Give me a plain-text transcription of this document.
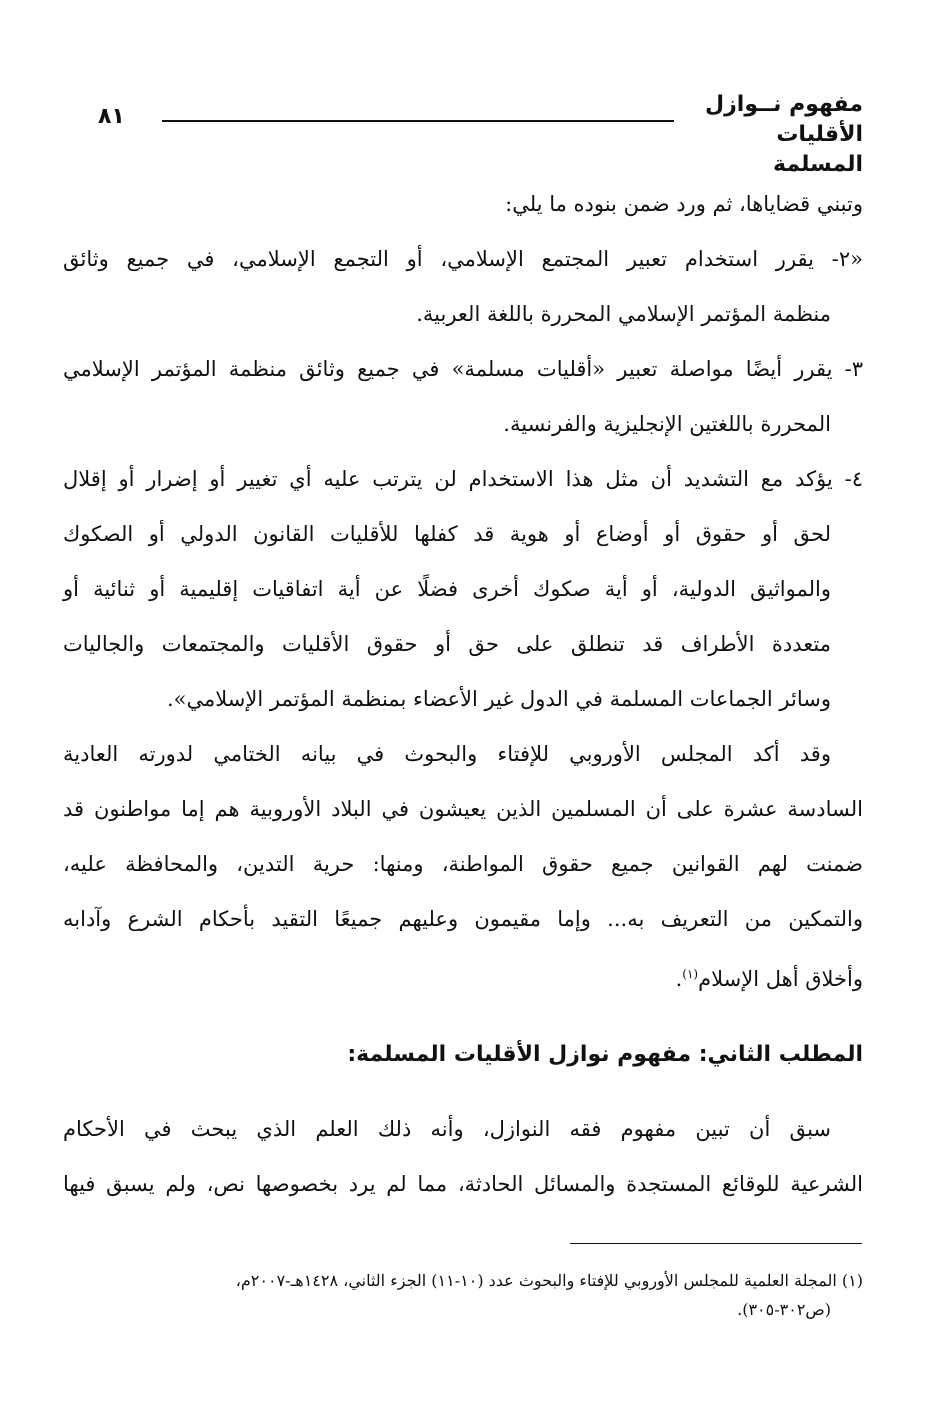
مفهوم نــوازل
الأقليات المسلمة
٨١
وتبني قضاياها، ثم ورد ضمن بنوده ما يلي:
«٢- يقرر استخدام تعبير المجتمع الإسلامي، أو التجمع الإسلامي، في جميع وثائق
منظمة المؤتمر الإسلامي المحررة باللغة العربية.
٣- يقرر أيضًا مواصلة تعبير «أقليات مسلمة» في جميع وثائق منظمة المؤتمر الإسلامي
المحررة باللغتين الإنجليزية والفرنسية.
٤- يؤكد مع التشديد أن مثل هذا الاستخدام لن يترتب عليه أي تغيير أو إضرار أو إقلال
لحق أو حقوق أو أوضاع أو هوية قد كفلها للأقليات القانون الدولي أو الصكوك
والمواثيق الدولية، أو أية صكوك أخرى فضلًا عن أية اتفاقيات إقليمية أو ثنائية أو
متعددة الأطراف قد تنطلق على حق أو حقوق الأقليات والمجتمعات والجاليات
وسائر الجماعات المسلمة في الدول غير الأعضاء بمنظمة المؤتمر الإسلامي».
وقد أكد المجلس الأوروبي للإفتاء والبحوث في بيانه الختامي لدورته العادية
السادسة عشرة على أن المسلمين الذين يعيشون في البلاد الأوروبية هم إما مواطنون قد
ضمنت لهم القوانين جميع حقوق المواطنة، ومنها: حرية التدين، والمحافظة عليه،
والتمكين من التعريف به... وإما مقيمون وعليهم جميعًا التقيد بأحكام الشرع وآدابه
وأخلاق أهل الإسلام$^{(١)}$.
المطلب الثاني: مفهوم نوازل الأقليات المسلمة:
سبق أن تبين مفهوم فقه النوازل، وأنه ذلك العلم الذي يبحث في الأحكام
الشرعية للوقائع المستجدة والمسائل الحادثة، مما لم يرد بخصوصها نص، ولم يسبق فيها
(١) المجلة العلمية للمجلس الأوروبي للإفتاء والبحوث عدد (١٠-١١) الجزء الثاني، ١٤٢٨هـ-٢٠٠٧م،
(ص٣٠٢-٣٠٥).
